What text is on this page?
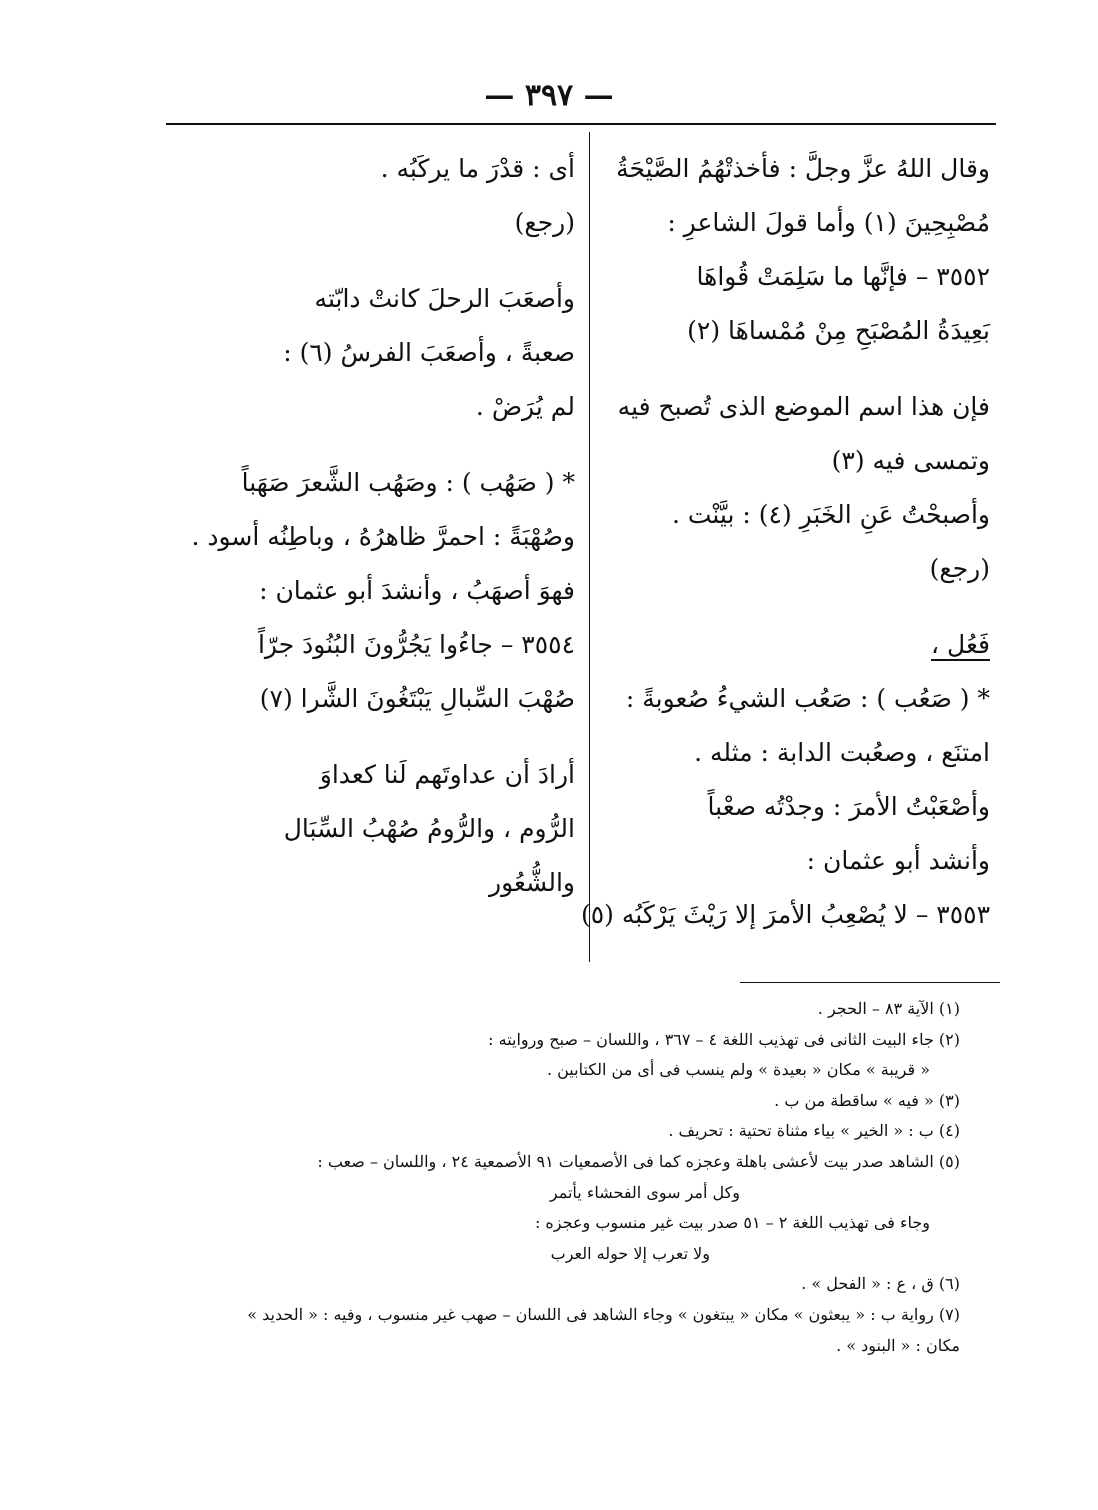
— ٣٩٧ —
وقال اللهُ عزَّ وجلَّ : فأخذتْهُمُ الصَّيْحَةُ
مُصْبِحِينَ (١) وأما قولَ الشاعرِ :
٣٥٥٢ – فإنَّها ما سَلِمَتْ قُواهَا
بَعِيدَةُ المُصْبَحِ مِنْ مُمْساهَا (٢)
فإن هذا اسم الموضع الذى تُصبح فيه
وتمسى فيه (٣)
وأصبحْتُ عَنِ الخَبَرِ (٤) : بيَّنْت .
(رجع)
فَعُل ،
* ( صَعُب ) : صَعُب الشيءُ صُعوبةً :
امتنَع ، وصعُبت الدابة : مثله .
وأصْعَبْتُ الأمرَ : وجدْتُه صعْباً
وأنشد أبو عثمان :
٣٥٥٣ – لا يُصْعِبُ الأمرَ إلا رَيْثَ يَرْكَبُه (٥)
أى : قدْرَ ما يركَبُه .
(رجع)
وأصعَبَ الرحلَ كانتْ دابّته
صعبةً ، وأصعَبَ الفرسُ (٦) :
لم يُرَضْ .
* ( صَهُب ) : وصَهُب الشَّعرَ صَهَباً
وصُهْبَةً : احمرَّ ظاهرُهُ ، وباطِنُه أسود .
فهوَ أصهَبُ ، وأنشدَ أبو عثمان :
٣٥٥٤ – جاءُوا يَجُرُّونَ البُنُودَ جرّاً
صُهْبَ السِّبالِ يَبْتَغُونَ الشَّرا (٧)
أرادَ أن عداوتَهم لَنا كعداوَ
الرُّوم ، والرُّومُ صُهْبُ السِّبَال
والشُّعُور
(١) الآية ٨٣ – الحجر .
(٢) جاء البيت الثانى فى تهذيب اللغة ٤ – ٣٦٧ ، واللسان – صبح وروايته :
« قريبة » مكان « بعيدة » ولم ينسب فى أى من الكتابين .
(٣) « فيه » ساقطة من ب .
(٤) ب : « الخير » بياء مثناة تحتية : تحريف .
(٥) الشاهد صدر بيت لأعشى باهلة وعجزه كما فى الأصمعيات ٩١ الأصمعية ٢٤ ، واللسان – صعب :
وكل أمر سوى الفحشاء يأتمر
وجاء فى تهذيب اللغة ٢ – ٥١ صدر بيت غير منسوب وعجزه :
ولا تعرب إلا حوله العرب
(٦) ق ، ع : « الفحل » .
(٧) رواية ب : « يبعثون » مكان « يبتغون » وجاء الشاهد فى اللسان – صهب غير منسوب ، وفيه : « الحديد »
مكان : « البنود » .
